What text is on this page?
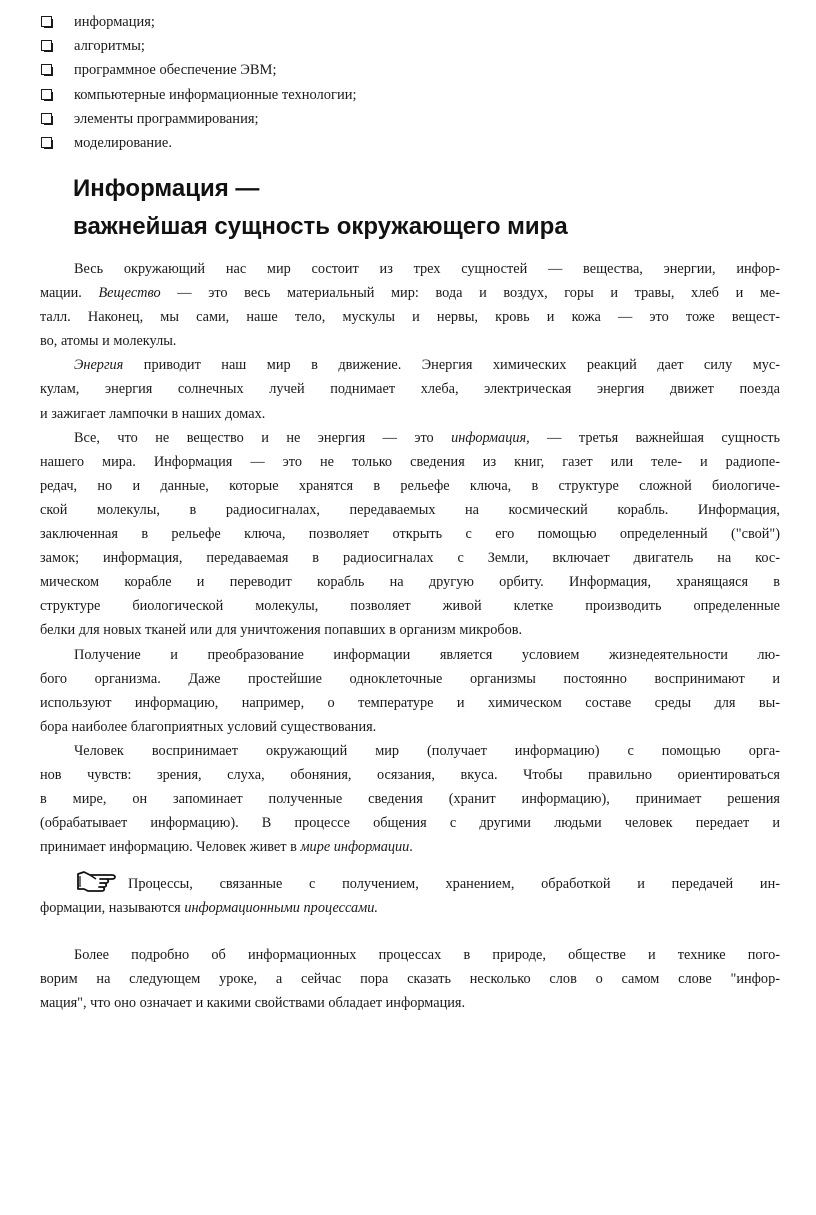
информация;
алгоритмы;
программное обеспечение ЭВМ;
компьютерные информационные технологии;
элементы программирования;
моделирование.
Информация —
важнейшая сущность окружающего мира
Весь окружающий нас мир состоит из трех сущностей — вещества, энергии, инфор-
мации. Вещество — это весь материальный мир: вода и воздух, горы и травы, хлеб и ме-
талл. Наконец, мы сами, наше тело, мускулы и нервы, кровь и кожа — это тоже вещест-
во, атомы и молекулы.
Энергия приводит наш мир в движение. Энергия химических реакций дает силу мус-
кулам, энергия солнечных лучей поднимает хлеба, электрическая энергия движет поезда
и зажигает лампочки в наших домах.
Все, что не вещество и не энергия — это информация, — третья важнейшая сущность
нашего мира. Информация — это не только сведения из книг, газет или теле- и радиопе-
редач, но и данные, которые хранятся в рельефе ключа, в структуре сложной биологиче-
ской молекулы, в радиосигналах, передаваемых на космический корабль. Информация,
заключенная в рельефе ключа, позволяет открыть с его помощью определенный ("свой")
замок; информация, передаваемая в радиосигналах с Земли, включает двигатель на кос-
мическом корабле и переводит корабль на другую орбиту. Информация, хранящаяся в
структуре биологической молекулы, позволяет живой клетке производить определенные
белки для новых тканей или для уничтожения попавших в организм микробов.
Получение и преобразование информации является условием жизнедеятельности лю-
бого организма. Даже простейшие одноклеточные организмы постоянно воспринимают и
используют информацию, например, о температуре и химическом составе среды для вы-
бора наиболее благоприятных условий существования.
Человек воспринимает окружающий мир (получает информацию) с помощью орга-
нов чувств: зрения, слуха, обоняния, осязания, вкуса. Чтобы правильно ориентироваться
в мире, он запоминает полученные сведения (хранит информацию), принимает решения
(обрабатывает информацию). В процессе общения с другими людьми человек передает и
принимает информацию. Человек живет в мире информации.
Процессы, связанные с получением, хранением, обработкой и передачей ин-
формации, называются информационными процессами.
Более подробно об информационных процессах в природе, обществе и технике пого-
ворим на следующем уроке, а сейчас пора сказать несколько слов о самом слове "инфор-
мация", что оно означает и какими свойствами обладает информация.
